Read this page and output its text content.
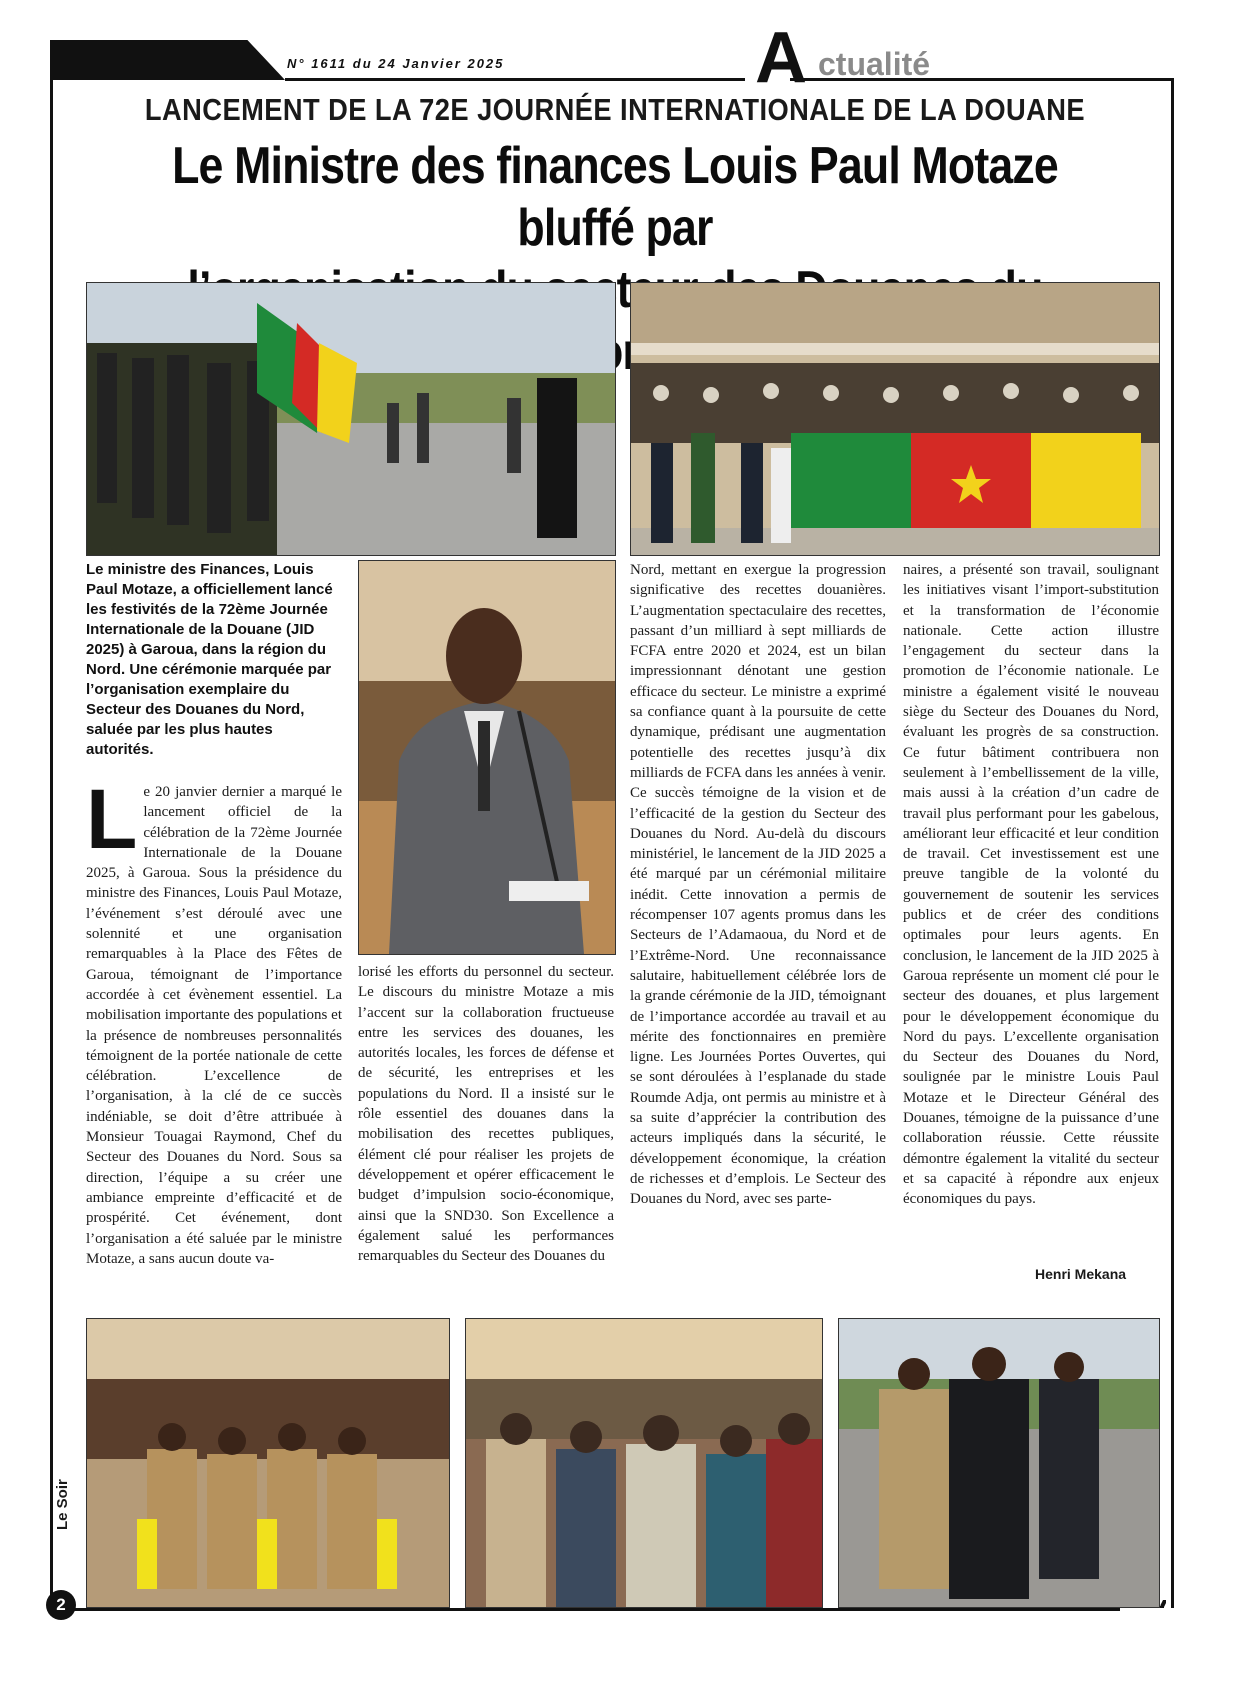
N° 1611 du 24 Janvier 2025	A ctualité
LANCEMENT DE LA 72E JOURNÉE INTERNATIONALE DE LA DOUANE
Le Ministre des finances Louis Paul Motaze bluffé par
secteur
Le ministre des Finances, Louis Paul Motaze, a officiellement lancé les festivités de la 72ème Journée Internationale de la Douane (JID 2025) à Garoua, dans la région du Nord. Une cérémonie marquée par l’organisation exemplaire du Secteur des Douanes du Nord, saluée par les plus hautes autorités.
Le 20 janvier dernier a marqué le lancement officiel de la célébration de la 72ème Journée Internationale de la Douane 2025, à Garoua. Sous la présidence du ministre des Finances, Louis Paul Motaze, l’événement s’est déroulé avec une solennité et une organisation remarquables à la Place des Fêtes de Garoua, témoignant de l’importance accordée à cet évènement essentiel. La mobilisation importante des populations et la présence de nombreuses personnalités témoignent de la portée nationale de cette célébration. L’excellence de l’organisation, à la clé de ce succès indéniable, se doit d’être attribuée à Monsieur Touagai Raymond, Chef du Secteur des Douanes du Nord. Sous sa direction, l’équipe a su créer une ambiance empreinte d’efficacité et de prospérité. Cet événement, dont l’organisation a été saluée par le ministre Motaze, a sans aucun doute va-
lorisé les efforts du personnel du secteur. Le discours du ministre Motaze a mis l’accent sur la collaboration fructueuse entre les services des douanes, les autorités locales, les forces de défense et de sécurité, les entreprises et les populations du Nord. Il a insisté sur le rôle essentiel des douanes dans la mobilisation des recettes publiques, élément clé pour réaliser les projets de développement et opérer efficacement le budget d’impulsion socio-économique, ainsi que la SND30. Son Excellence a également salué les performances remarquables du Secteur des Douanes du
Nord, mettant en exergue la progression significative des recettes douanières. L’augmentation spectaculaire des recettes, passant d’un milliard à sept milliards de FCFA entre 2020 et 2024, est un bilan impressionnant dénotant une gestion efficace du secteur. Le ministre a exprimé sa confiance quant à la poursuite de cette dynamique, prédisant une augmentation potentielle des recettes jusqu’à dix milliards de FCFA dans les années à venir. Ce succès témoigne de la vision et de l’efficacité de la gestion du Secteur des Douanes du Nord. Au-delà du discours ministériel, le lancement de la JID 2025 a été marqué par un cérémonial militaire inédit. Cette innovation a permis de récompenser 107 agents promus dans les Secteurs de l’Adamaoua, du Nord et de l’Extrême-Nord. Une reconnaissance salutaire, habituellement célébrée lors de la grande cérémonie de la JID, témoignant de l’importance accordée au travail et au mérite des fonctionnaires en première ligne. Les Journées Portes Ouvertes, qui se sont déroulées à l’esplanade du stade Roumde Adja, ont permis au ministre et à sa suite d’apprécier la contribution des acteurs impliqués dans la sécurité, le développement économique, la création de richesses et d’emplois. Le Secteur des Douanes du Nord, avec ses parte-
naires, a présenté son travail, soulignant les initiatives visant l’import-substitution et la transformation de l’économie nationale. Cette action illustre l’engagement du secteur dans la promotion de l’économie nationale. Le ministre a également visité le nouveau siège du Secteur des Douanes du Nord, évaluant les progrès de sa construction. Ce futur bâtiment contribuera non seulement à l’embellissement de la ville, mais aussi à la création d’un cadre de travail plus performant pour les gabelous, améliorant leur efficacité et leur condition de travail. Cet investissement est une preuve tangible de la volonté du gouvernement de soutenir les services publics et de créer des conditions optimales pour leurs agents. En conclusion, le lancement de la JID 2025 à Garoua représente un moment clé pour le secteur des douanes, et plus largement pour le développement économique du Nord du pays. L’excellente organisation du Secteur des Douanes du Nord, soulignée par le ministre Louis Paul Motaze et le Directeur Général des Douanes, témoigne de la puissance d’une collaboration réussie. Cette réussite démontre également la vitalité du secteur et sa capacité à répondre aux enjeux économiques du pays.
Henri Mekana
Le Soir
2
